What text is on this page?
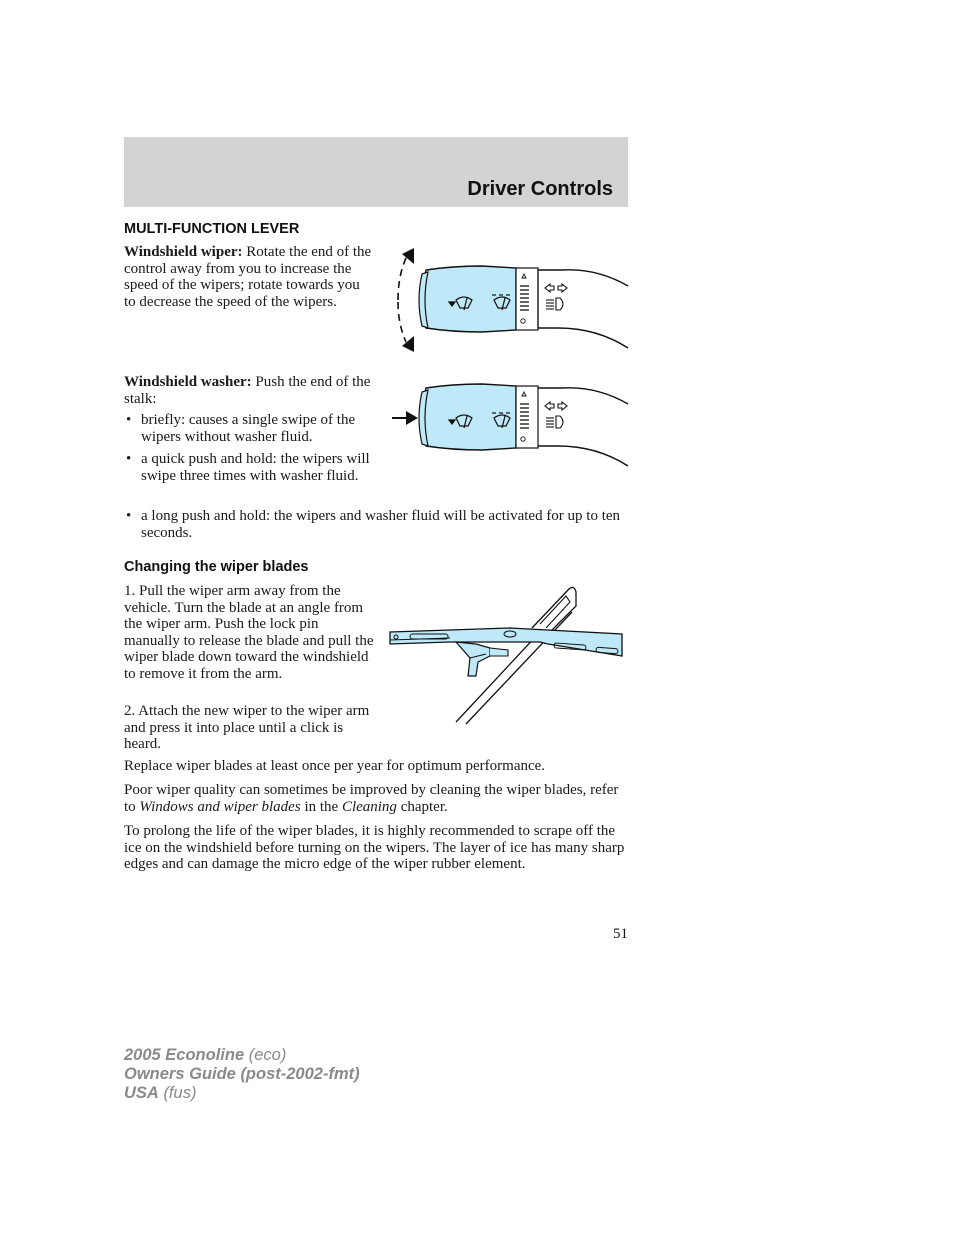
Driver Controls
MULTI-FUNCTION LEVER
Windshield wiper: Rotate the end of the control away from you to increase the speed of the wipers; rotate towards you to decrease the speed of the wipers.
Windshield washer: Push the end of the stalk:
• briefly: causes a single swipe of the wipers without washer fluid.
• a quick push and hold: the wipers will swipe three times with washer fluid.
• a long push and hold: the wipers and washer fluid will be activated for up to ten seconds.
Changing the wiper blades
1. Pull the wiper arm away from the vehicle. Turn the blade at an angle from the wiper arm. Push the lock pin manually to release the blade and pull the wiper blade down toward the windshield to remove it from the arm.
2. Attach the new wiper to the wiper arm and press it into place until a click is heard.
Replace wiper blades at least once per year for optimum performance.
Poor wiper quality can sometimes be improved by cleaning the wiper blades, refer to Windows and wiper blades in the Cleaning chapter.
To prolong the life of the wiper blades, it is highly recommended to scrape off the ice on the windshield before turning on the wipers. The layer of ice has many sharp edges and can damage the micro edge of the wiper rubber element.
51
2005 Econoline (eco)
Owners Guide (post-2002-fmt)
USA (fus)
